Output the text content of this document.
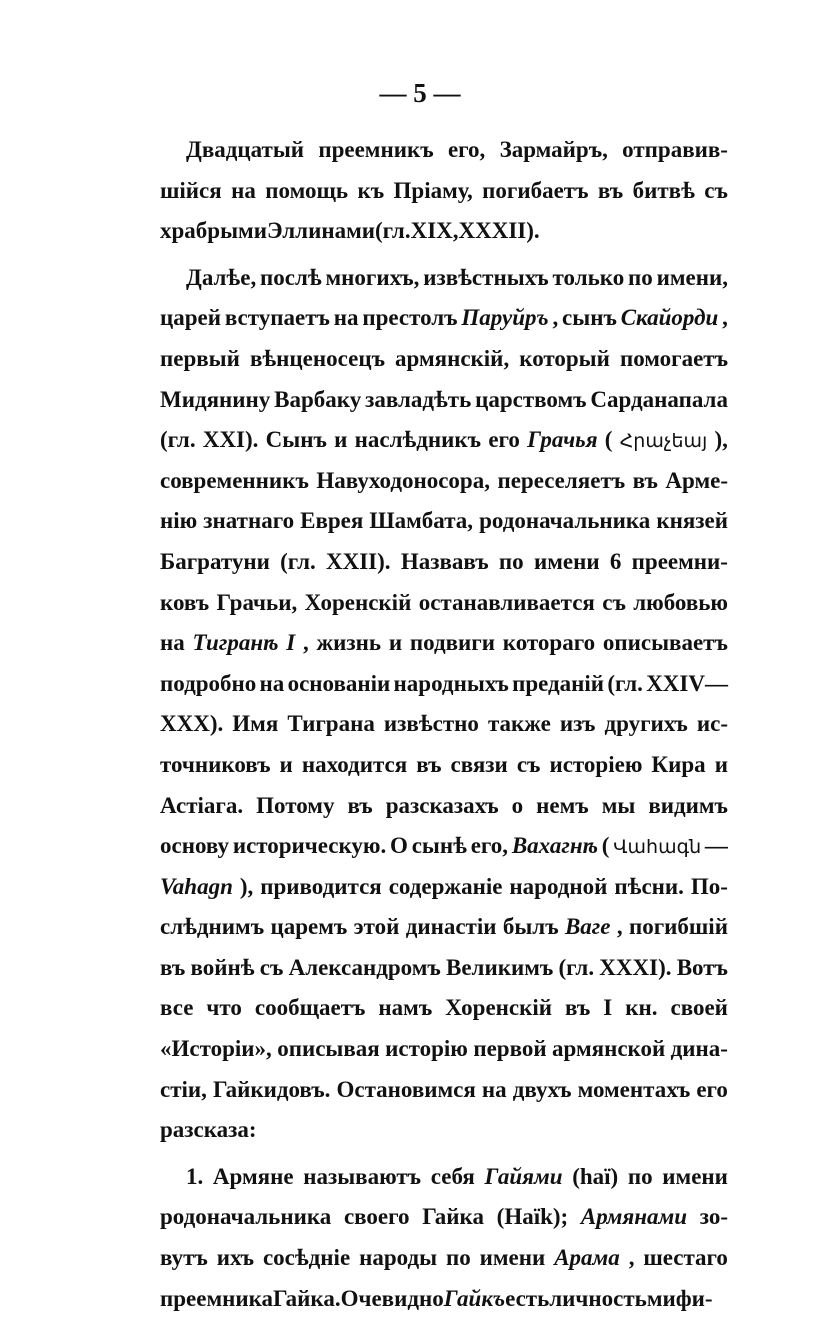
— 5 —
Двадцатый преемникъ его, Зармайръ, отправив-
шійся на помощь къ Пріаму, погибаетъ въ битвѣ съ
храбрыми Эллинами (гл. XIX, XXXII).
Далѣе, послѣ многихъ, извѣстныхъ только по имени,
царей вступаетъ на престолъ Паруйръ , сынъ Скайорди ,
первый вѣнценосецъ армянскій, который помогаетъ
Мидянину Варбаку завладѣть царствомъ Сарданапала
(гл. XXI). Сынъ и наслѣдникъ его Грачья ( Հրաչեայ ),
современникъ Навуходоносора, переселяетъ въ Арме-
нію знатнаго Еврея Шамбата, родоначальника князей
Багратуни (гл. XXII). Назвавъ по имени 6 преемни-
ковъ Грачьи, Хоренскій останавливается съ любовью
на Тигранѣ I , жизнь и подвиги котораго описываетъ
подробно на основаніи народныхъ преданій (гл. XXIV—
XXX). Имя Тиграна извѣстно также изъ другихъ ис-
точниковъ и находится въ связи съ исторіею Кира и
Астіага. Потому въ разсказахъ о немъ мы видимъ
основу историческую. О сынѣ его, Вахагнѣ ( Վահագն —
Vahagn ), приводится содержаніе народной пѣсни. По-
слѣднимъ царемъ этой династіи былъ Ваге , погибшій
въ войнѣ съ Александромъ Великимъ (гл. XXXI). Вотъ
все что сообщаетъ намъ Хоренскій въ I кн. своей
«Исторіи», описывая исторію первой армянской дина-
стіи, Гайкидовъ. Остановимся на двухъ моментахъ его
разсказа:
1. Армяне называютъ себя Гайями (haï) по имени
родоначальника своего Гайка (Haïk); Армянами зо-
вутъ ихъ сосѣдніе народы по имени Арама , шестаго
преемника Гайка. Очевидно Гайкъ есть личность мифи-
